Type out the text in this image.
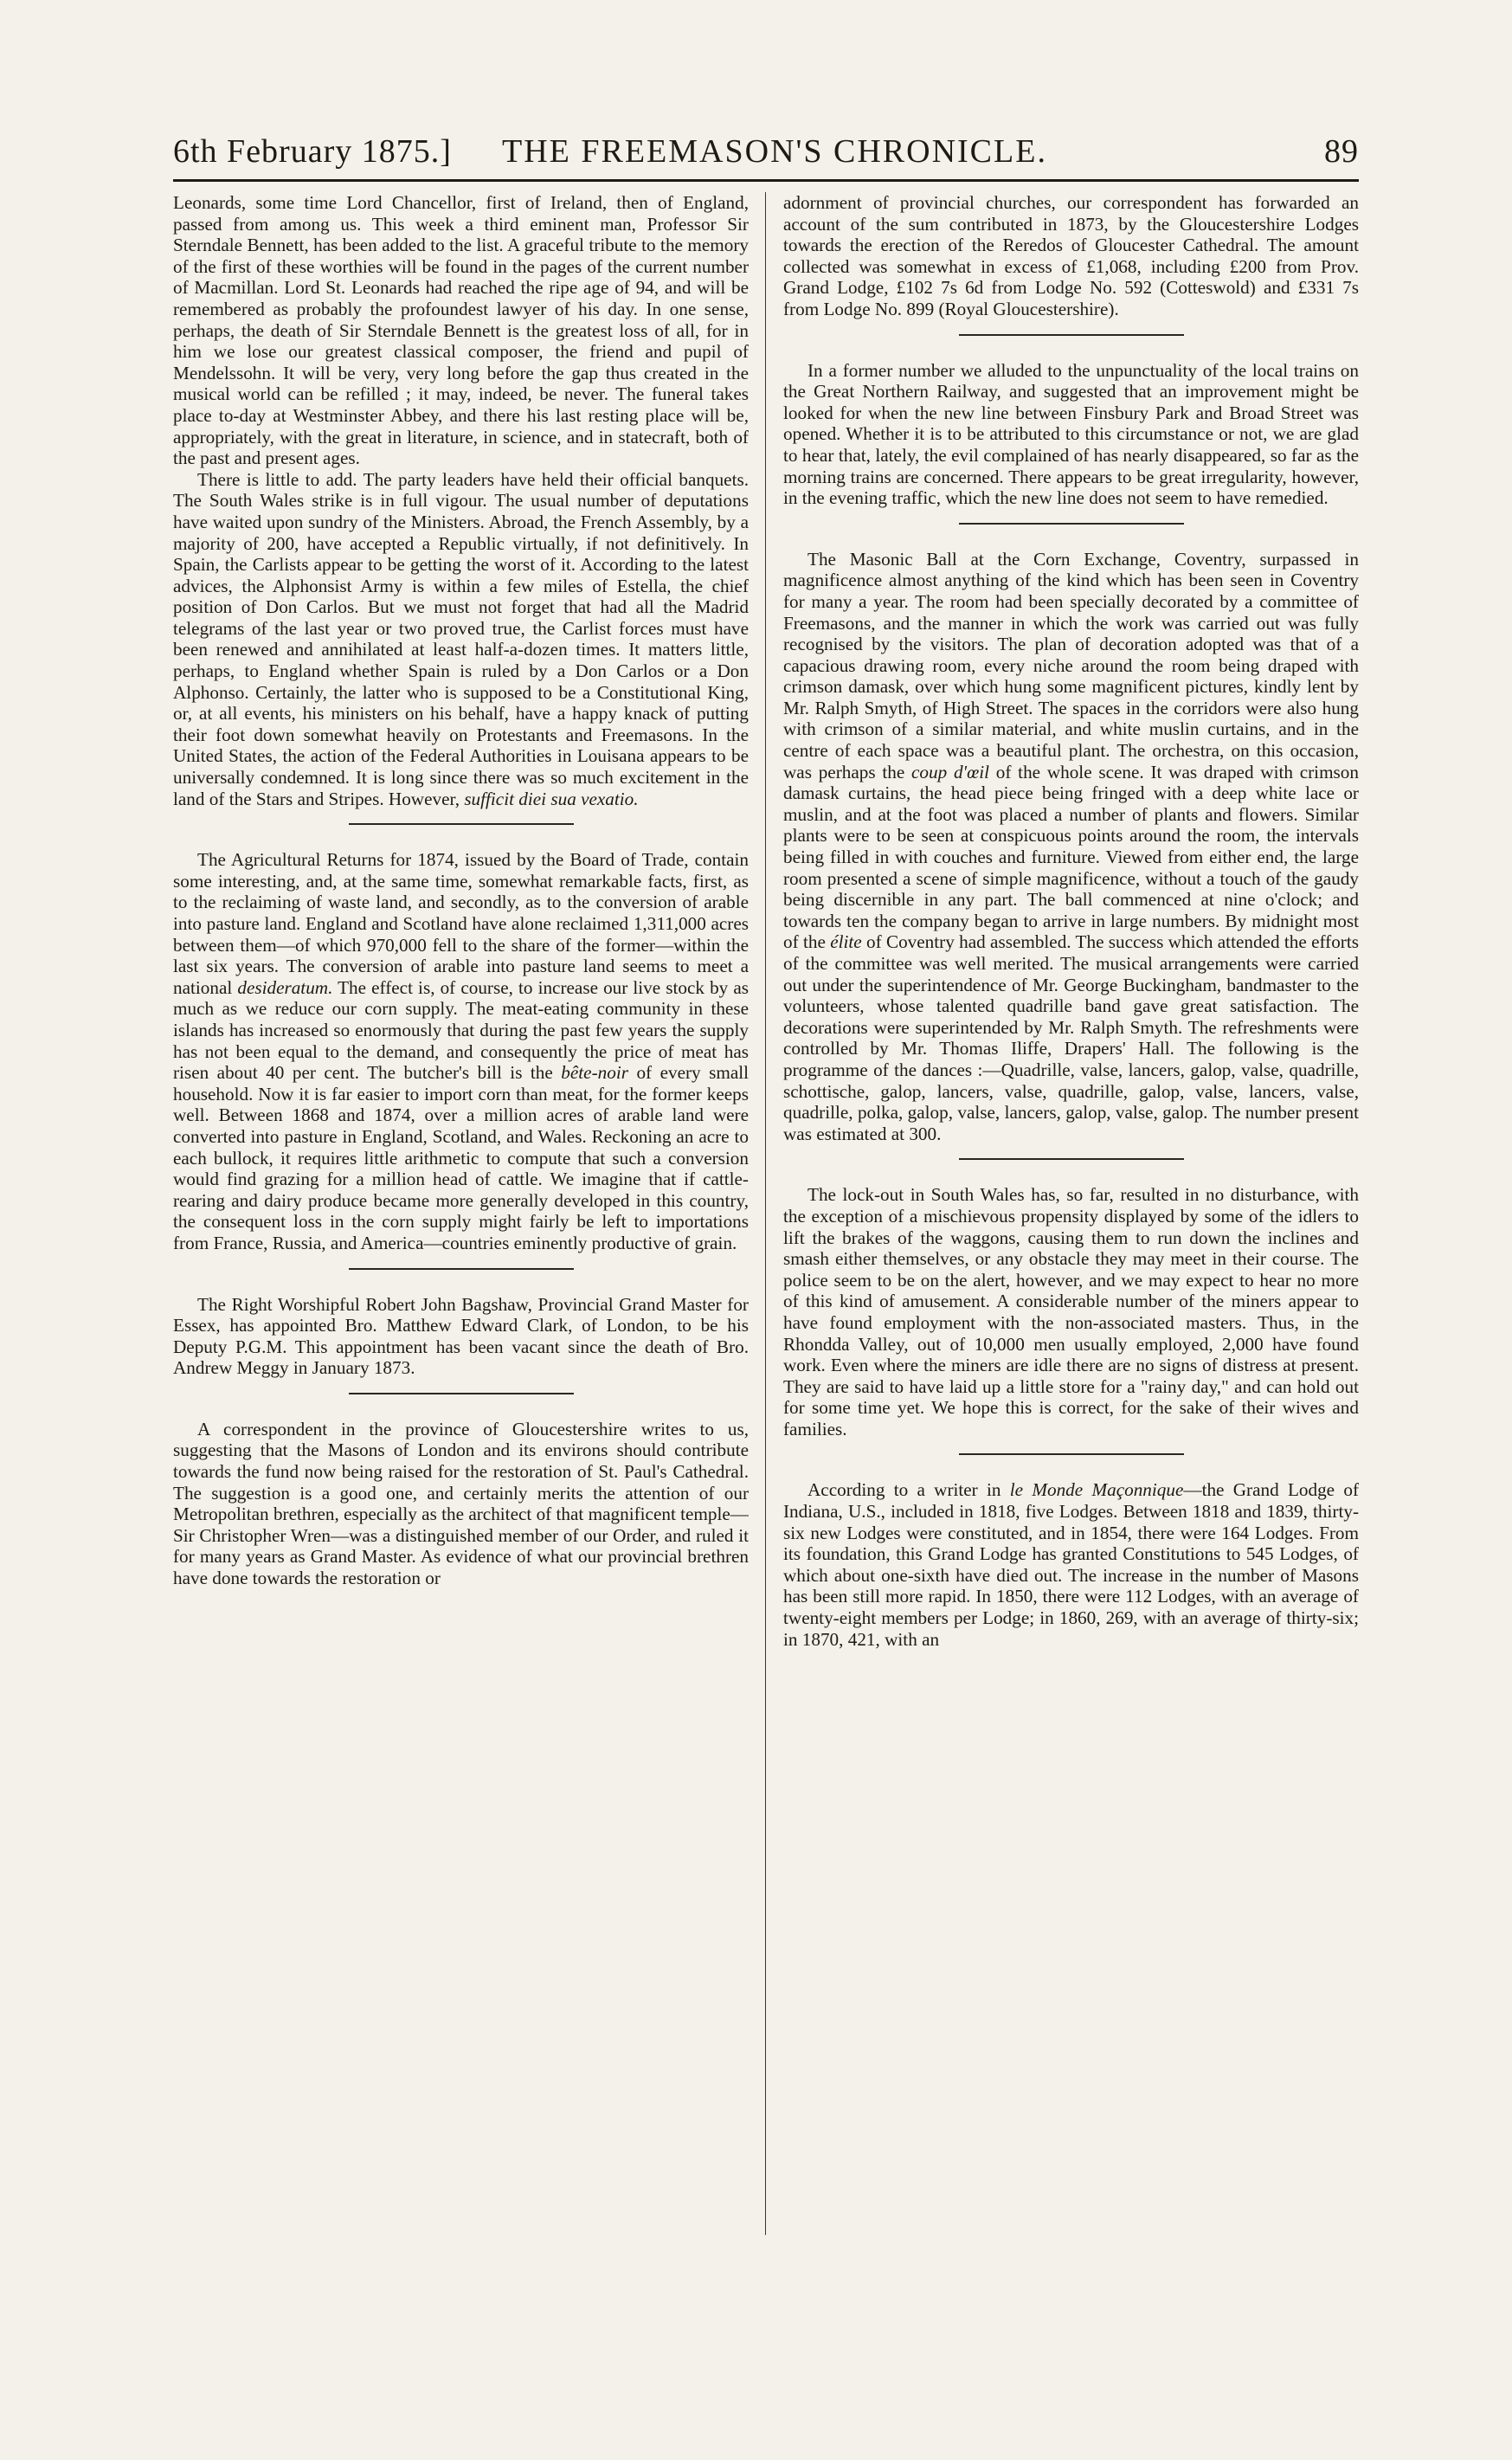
6th February 1875.] THE FREEMASON'S CHRONICLE.	89

Leonards, some time Lord Chancellor, first of Ireland, then of England, passed from among us. This week a third eminent man, Professor Sir Sterndale Bennett, has been added to the list. A graceful tribute to the memory of the first of these worthies will be found in the pages of the current number of Macmillan. Lord St. Leonards had reached the ripe age of 94, and will be remembered as probably the profoundest lawyer of his day. In one sense, perhaps, the death of Sir Sterndale Bennett is the greatest loss of all, for in him we lose our greatest classical composer, the friend and pupil of Mendelssohn. It will be very, very long before the gap thus created in the musical world can be refilled ; it may, indeed, be never. The funeral takes place to-day at Westminster Abbey, and there his last resting place will be, appropriately, with the great in literature, in science, and in statecraft, both of the past and present ages.

There is little to add. The party leaders have held their official banquets. The South Wales strike is in full vigour. The usual number of deputations have waited upon sundry of the Ministers. Abroad, the French Assembly, by a majority of 200, have accepted a Republic virtually, if not definitively. In Spain, the Carlists appear to be getting the worst of it. According to the latest advices, the Alphonsist Army is within a few miles of Estella, the chief position of Don Carlos. But we must not forget that had all the Madrid telegrams of the last year or two proved true, the Carlist forces must have been renewed and annihilated at least half-a-dozen times. It matters little, perhaps, to England whether Spain is ruled by a Don Carlos or a Don Alphonso. Certainly, the latter who is supposed to be a Constitutional King, or, at all events, his ministers on his behalf, have a happy knack of putting their foot down somewhat heavily on Protestants and Freemasons. In the United States, the action of the Federal Authorities in Louisana appears to be universally condemned. It is long since there was so much excitement in the land of the Stars and Stripes. However, sufficit diei sua vexatio.

The Agricultural Returns for 1874, issued by the Board of Trade, contain some interesting, and, at the same time, somewhat remarkable facts, first, as to the reclaiming of waste land, and secondly, as to the conversion of arable into pasture land. England and Scotland have alone reclaimed 1,311,000 acres between them—of which 970,000 fell to the share of the former—within the last six years. The conversion of arable into pasture land seems to meet a national desideratum. The effect is, of course, to increase our live stock by as much as we reduce our corn supply. The meat-eating community in these islands has increased so enormously that during the past few years the supply has not been equal to the demand, and consequently the price of meat has risen about 40 per cent. The butcher's bill is the bête-noir of every small household. Now it is far easier to import corn than meat, for the former keeps well. Between 1868 and 1874, over a million acres of arable land were converted into pasture in England, Scotland, and Wales. Reckoning an acre to each bullock, it requires little arithmetic to compute that such a conversion would find grazing for a million head of cattle. We imagine that if cattle-rearing and dairy produce became more generally developed in this country, the consequent loss in the corn supply might fairly be left to importations from France, Russia, and America—countries eminently productive of grain.

The Right Worshipful Robert John Bagshaw, Provincial Grand Master for Essex, has appointed Bro. Matthew Edward Clark, of London, to be his Deputy P.G.M. This appointment has been vacant since the death of Bro. Andrew Meggy in January 1873.

A correspondent in the province of Gloucestershire writes to us, suggesting that the Masons of London and its environs should contribute towards the fund now being raised for the restoration of St. Paul's Cathedral. The suggestion is a good one, and certainly merits the attention of our Metropolitan brethren, especially as the architect of that magnificent temple—Sir Christopher Wren—was a distinguished member of our Order, and ruled it for many years as Grand Master. As evidence of what our provincial brethren have done towards the restoration or

adornment of provincial churches, our correspondent has forwarded an account of the sum contributed in 1873, by the Gloucestershire Lodges towards the erection of the Reredos of Gloucester Cathedral. The amount collected was somewhat in excess of £1,068, including £200 from Prov. Grand Lodge, £102 7s 6d from Lodge No. 592 (Cotteswold) and £331 7s from Lodge No. 899 (Royal Gloucestershire).

In a former number we alluded to the unpunctuality of the local trains on the Great Northern Railway, and suggested that an improvement might be looked for when the new line between Finsbury Park and Broad Street was opened. Whether it is to be attributed to this circumstance or not, we are glad to hear that, lately, the evil complained of has nearly disappeared, so far as the morning trains are concerned. There appears to be great irregularity, however, in the evening traffic, which the new line does not seem to have remedied.

The Masonic Ball at the Corn Exchange, Coventry, surpassed in magnificence almost anything of the kind which has been seen in Coventry for many a year. The room had been specially decorated by a committee of Freemasons, and the manner in which the work was carried out was fully recognised by the visitors. The plan of decoration adopted was that of a capacious drawing room, every niche around the room being draped with crimson damask, over which hung some magnificent pictures, kindly lent by Mr. Ralph Smyth, of High Street. The spaces in the corridors were also hung with crimson of a similar material, and white muslin curtains, and in the centre of each space was a beautiful plant. The orchestra, on this occasion, was perhaps the coup d'œil of the whole scene. It was draped with crimson damask curtains, the head piece being fringed with a deep white lace or muslin, and at the foot was placed a number of plants and flowers. Similar plants were to be seen at conspicuous points around the room, the intervals being filled in with couches and furniture. Viewed from either end, the large room presented a scene of simple magnificence, without a touch of the gaudy being discernible in any part. The ball commenced at nine o'clock; and towards ten the company began to arrive in large numbers. By midnight most of the élite of Coventry had assembled. The success which attended the efforts of the committee was well merited. The musical arrangements were carried out under the superintendence of Mr. George Buckingham, bandmaster to the volunteers, whose talented quadrille band gave great satisfaction. The decorations were superintended by Mr. Ralph Smyth. The refreshments were controlled by Mr. Thomas Iliffe, Drapers' Hall. The following is the programme of the dances :—Quadrille, valse, lancers, galop, valse, quadrille, schottische, galop, lancers, valse, quadrille, galop, valse, lancers, valse, quadrille, polka, galop, valse, lancers, galop, valse, galop. The number present was estimated at 300.

The lock-out in South Wales has, so far, resulted in no disturbance, with the exception of a mischievous propensity displayed by some of the idlers to lift the brakes of the waggons, causing them to run down the inclines and smash either themselves, or any obstacle they may meet in their course. The police seem to be on the alert, however, and we may expect to hear no more of this kind of amusement. A considerable number of the miners appear to have found employment with the non-associated masters. Thus, in the Rhondda Valley, out of 10,000 men usually employed, 2,000 have found work. Even where the miners are idle there are no signs of distress at present. They are said to have laid up a little store for a "rainy day," and can hold out for some time yet. We hope this is correct, for the sake of their wives and families.

According to a writer in le Monde Maçonnique—the Grand Lodge of Indiana, U.S., included in 1818, five Lodges. Between 1818 and 1839, thirty-six new Lodges were constituted, and in 1854, there were 164 Lodges. From its foundation, this Grand Lodge has granted Constitutions to 545 Lodges, of which about one-sixth have died out. The increase in the number of Masons has been still more rapid. In 1850, there were 112 Lodges, with an average of twenty-eight members per Lodge; in 1860, 269, with an average of thirty-six; in 1870, 421, with an
